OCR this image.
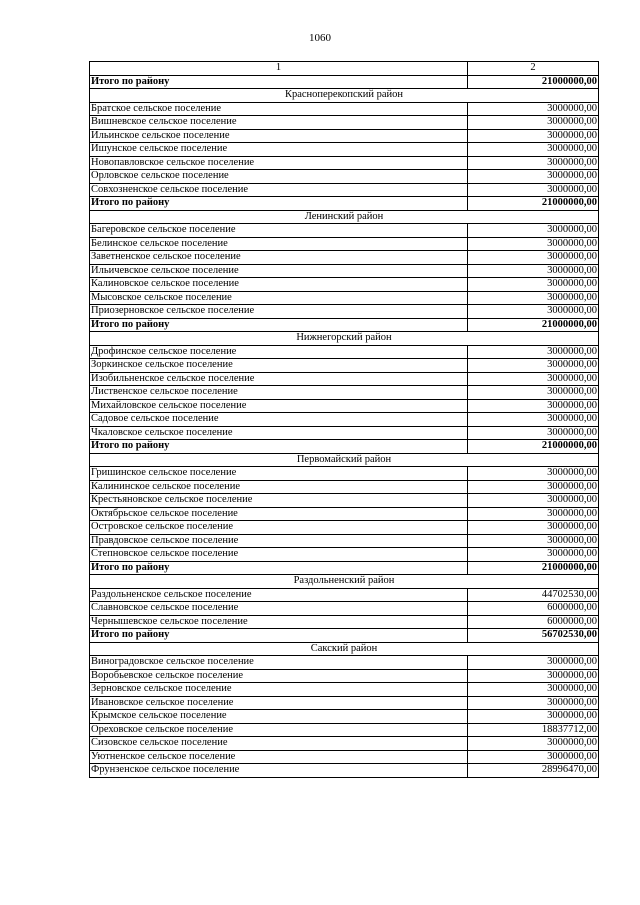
1060
1	2
Итого по району	21000000,00
Красноперекопский район	
Братское сельское поселение	3000000,00
Вишневское сельское поселение	3000000,00
Ильинское сельское поселение	3000000,00
Ишунское сельское поселение	3000000,00
Новопавловское сельское поселение	3000000,00
Орловское сельское поселение	3000000,00
Совхозненское сельское поселение	3000000,00
Итого по району	21000000,00
Ленинский район	
Багеровское сельское поселение	3000000,00
Белинское сельское поселение	3000000,00
Заветненское сельское поселение	3000000,00
Ильичевское сельское поселение	3000000,00
Калиновское сельское поселение	3000000,00
Мысовское сельское поселение	3000000,00
Приозерновское сельское поселение	3000000,00
Итого по району	21000000,00
Нижнегорский район	
Дрофинское сельское поселение	3000000,00
Зоркинское сельское поселение	3000000,00
Изобильненское сельское поселение	3000000,00
Лиственское сельское поселение	3000000,00
Михайловское сельское поселение	3000000,00
Садовое сельское поселение	3000000,00
Чкаловское сельское поселение	3000000,00
Итого по району	21000000,00
Первомайский район	
Гришинское сельское поселение	3000000,00
Калининское сельское поселение	3000000,00
Крестьяновское сельское поселение	3000000,00
Октябрьское сельское поселение	3000000,00
Островское сельское поселение	3000000,00
Правдовское сельское поселение	3000000,00
Степновское сельское поселение	3000000,00
Итого по району	21000000,00
Раздольненский район	
Раздольненское сельское поселение	44702530,00
Славновское сельское поселение	6000000,00
Чернышевское сельское поселение	6000000,00
Итого по району	56702530,00
Сакский район	
Виноградовское сельское поселение	3000000,00
Воробьевское сельское поселение	3000000,00
Зерновское сельское поселение	3000000,00
Ивановское сельское поселение	3000000,00
Крымское сельское поселение	3000000,00
Ореховское сельское поселение	18837712,00
Сизовское сельское поселение	3000000,00
Уютненское сельское поселение	3000000,00
Фрунзенское сельское поселение	28996470,00
